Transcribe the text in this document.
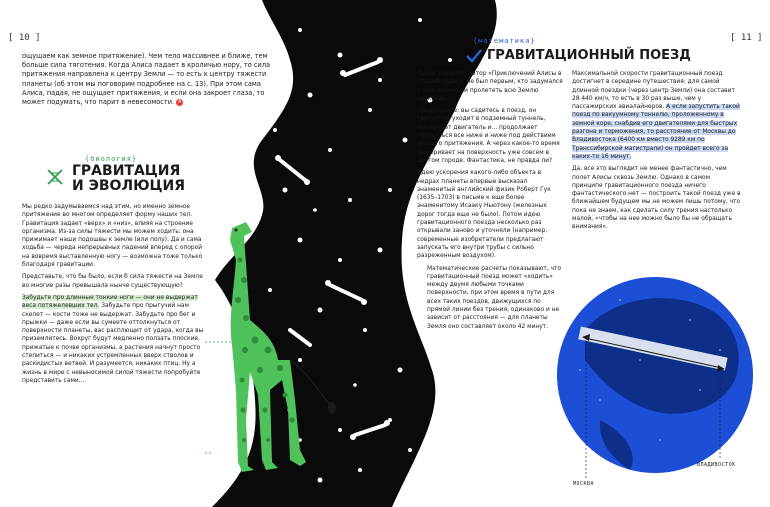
[ 10 ]	[ 11 ]
ощущаем как земное притяжение). Чем тело массивнее и ближе, тем больше сила тяготения. Когда Алиса падает в кроличью нору, то сила притяжения направлена к центру Земли — то есть к центру тяжести планеты (об этом мы поговорим подробнее на с. 13). При этом сама Алиса, падая, не ощущает притяжения, и если она закроет глаза, то может подумать, что парит в невесомости. А
{биология}
ГРАВИТАЦИЯ
И ЭВОЛЮЦИЯ

Мы редко задумываемся над этим, но именно земное притяжение во многом определяет форму наших тел. Гравитация задает «верх» и «низ», влияя на строение организма. Из-за силы тяжести мы можем ходить: она прижимает наши подошвы к земле (или полу). Да и сама ходьба — череда непрерывных падений вперед с опорой на вовремя выставленную ногу — возможна тоже только благодаря гравитации.

Представьте, что бы было, если б сила тяжести на Земле во многие разы превышала нынче существующую?

Забудьте про длинные тонкие ноги — они не выдержат веса потяжелевших тел. Забудьте про прыгучий нам скелет — кости тоже не выдержат. Забудьте про бег и прыжки — даже если вы сумеете оттолкнуться от поверхности планеты, вас расплющит от удара, когда вы приземлитесь. Вокруг будут медленно ползать плоские, прижатые к почве организмы, а растения начнут просто стелиться — и никаких устремленных вверх стволов и раскидистых ветвей. И разумеется, никаких птиц. Ну а жизнь в мире с невыносимой силой тяжести попробуйте представить сами...

{математика}
ГРАВИТАЦИОННЫЙ ПОЕЗД

Льюис Кэрролл, автор «Приключений Алисы в Стране чудес», не был первым, кто задумался о том, можно ли пролететь всю Землю насквозь.

Представьте: вы садитесь в поезд, он трогается, уходит в подземный туннель, выключает двигатель и... продолжает опускаться все ниже и ниже под действием земного притяжения. А через какое-то время выныривает на поверхность уже совсем в другом городе. Фантастика, не правда ли?

Идею ускорения какого-либо объекта в недрах планеты впервые высказал знаменитый английский физик Роберт Гук (1635–1703) в письме к еще более знаменитому Исааку Ньютону (железных дорог тогда еще не было). Потом идею гравитационного поезда несколько раз открывали заново и уточняли (например, современные изобретатели предлагают запускать его внутри трубы с сильно разреженным воздухом).

Математические расчеты показывают, что гравитационный поезд может «ходить» между двумя любыми точками поверхности, при этом время в пути для всех таких поездов, движущихся по прямой линии без трения, одинаково и не зависит от расстояния — для планеты Земля оно составляет около 42 минут.

Максимальной скорости гравитационный поезд достигнет в середине путешествия: для самой длинной поездки (через центр Земли) она составит 28 440 км/ч, то есть в 30 раз выше, чем у пассажирских авиалайнеров. А если запустить такой поезд по вакуумному тоннелю, проложенному в земной коре, снабдив его двигателями для быстрых разгона и торможения, то расстояние от Москвы до Владивостока (6400 км вместо 9289 км по Транссибирской магистрали) он пройдет всего за каких-то 16 минут.

Да, все это выглядит не менее фантастично, чем полет Алисы сквозь Землю. Однако в самом принципе гравитационного поезда ничего фантастического нет — построить такой поезд уже в ближайшем будущем мы не можем лишь потому, что пока не знаем, как сделать силу трения настолько малой, «чтобы на нее можно было бы не обращать внимания».

МОСКВА
ВЛАДИВОСТОК
